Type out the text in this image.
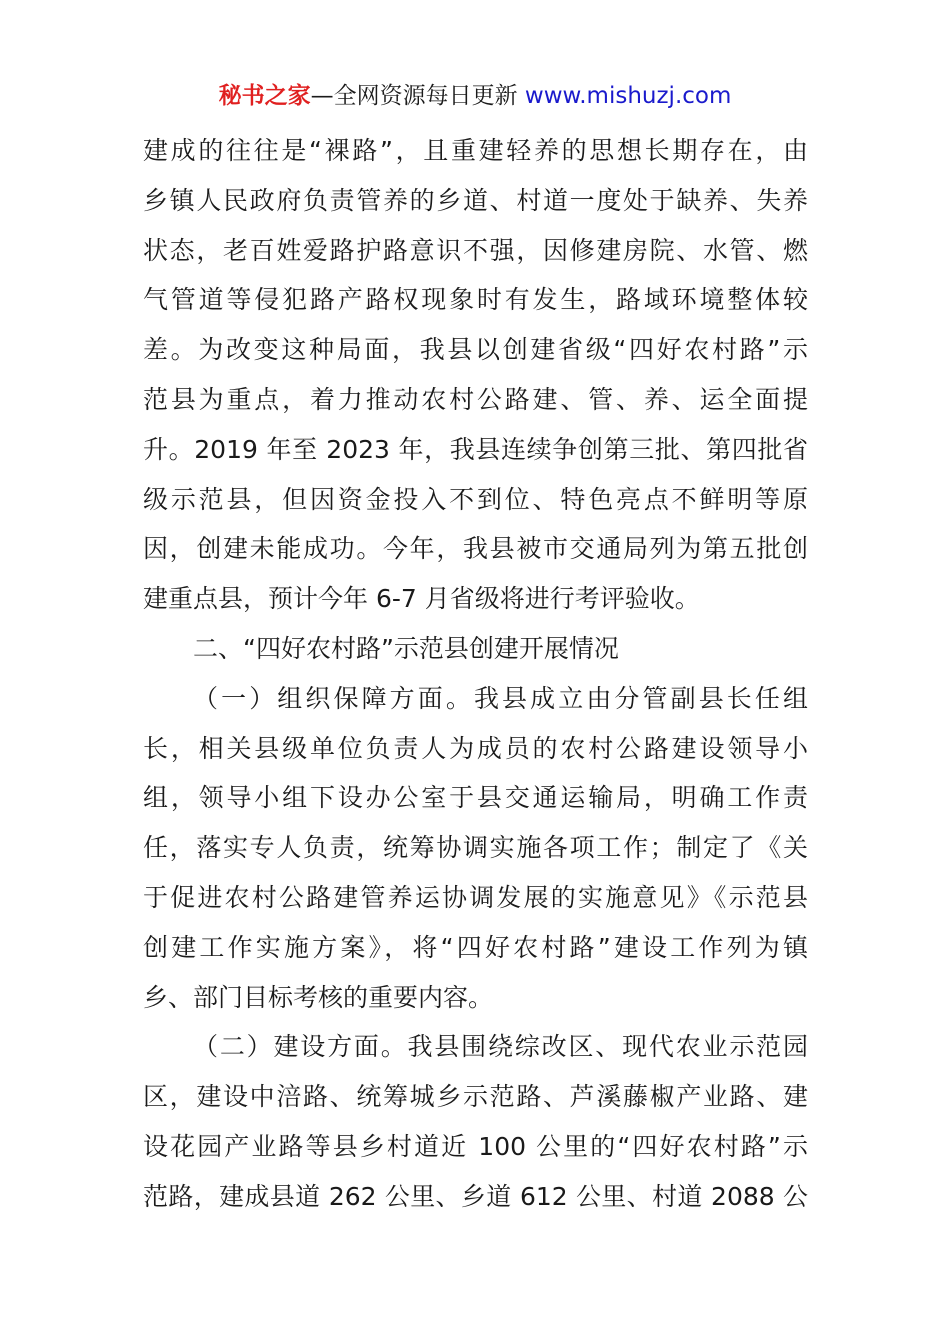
秘书之家—全网资源每日更新 www.mishuzj.com
建成的往往是“裸路”，且重建轻养的思想长期存在，由
乡镇人民政府负责管养的乡道、村道一度处于缺养、失养
状态，老百姓爱路护路意识不强，因修建房院、水管、燃
气管道等侵犯路产路权现象时有发生，路域环境整体较
差。为改变这种局面，我县以创建省级“四好农村路”示
范县为重点，着力推动农村公路建、管、养、运全面提
升。2019 年至 2023 年，我县连续争创第三批、第四批省
级示范县，但因资金投入不到位、特色亮点不鲜明等原
因，创建未能成功。今年，我县被市交通局列为第五批创
建重点县，预计今年 6-7 月省级将进行考评验收。
二、“四好农村路”示范县创建开展情况
（一）组织保障方面。我县成立由分管副县长任组
长，相关县级单位负责人为成员的农村公路建设领导小
组，领导小组下设办公室于县交通运输局，明确工作责
任，落实专人负责，统筹协调实施各项工作；制定了《关
于促进农村公路建管养运协调发展的实施意见》《示范县
创建工作实施方案》，将“四好农村路”建设工作列为镇
乡、部门目标考核的重要内容。
（二）建设方面。我县围绕综改区、现代农业示范园
区，建设中涪路、统筹城乡示范路、芦溪藤椒产业路、建
设花园产业路等县乡村道近 100 公里的“四好农村路”示
范路，建成县道 262 公里、乡道 612 公里、村道 2088 公
